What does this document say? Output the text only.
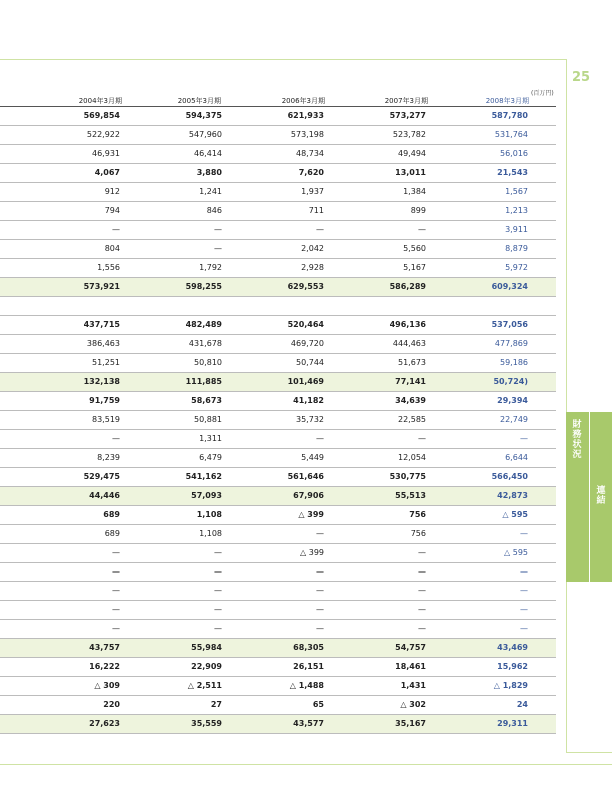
25
財務状況
連結
(百万円)
2004年3月期	2005年3月期	2006年3月期	2007年3月期	2008年3月期
569,854	594,375	621,933	573,277	587,780
522,922	547,960	573,198	523,782	531,764
46,931	46,414	48,734	49,494	56,016
4,067	3,880	7,620	13,011	21,543
912	1,241	1,937	1,384	1,567
794	846	711	899	1,213
—	—	—	—	3,911
804	—	2,042	5,560	8,879
1,556	1,792	2,928	5,167	5,972
573,921	598,255	629,553	586,289	609,324
437,715	482,489	520,464	496,136	537,056
386,463	431,678	469,720	444,463	477,869
51,251	50,810	50,744	51,673	59,186
132,138	111,885	101,469	77,141	50,724)
91,759	58,673	41,182	34,639	29,394
83,519	50,881	35,732	22,585	22,749
—	1,311	—	—	—
8,239	6,479	5,449	12,054	6,644
529,475	541,162	561,646	530,775	566,450
44,446	57,093	67,906	55,513	42,873
689	1,108	△ 399	756	△ 595
689	1,108	—	756	—
—	—	△ 399	—	△ 595
—	—	—	—	—
—	—	—	—	—
—	—	—	—	—
—	—	—	—	—
43,757	55,984	68,305	54,757	43,469
16,222	22,909	26,151	18,461	15,962
△ 309	△ 2,511	△ 1,488	1,431	△ 1,829
220	27	65	△ 302	24
27,623	35,559	43,577	35,167	29,311
